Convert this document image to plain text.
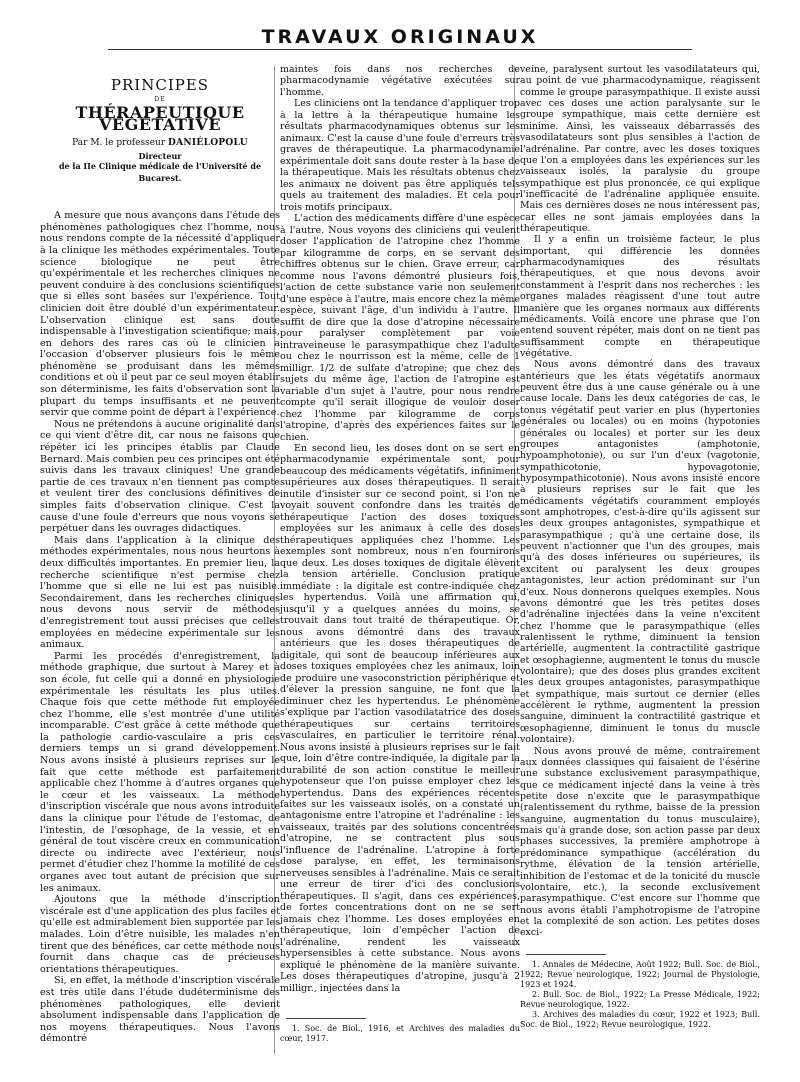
TRAVAUX ORIGINAUX
PRINCIPES
DE
THÉRAPEUTIQUE VÉGÉTATIVE
Par M. le professeur DANIÉLOPOLU
Directeur
de la IIe Clinique médicale de l'Université de Bucarest.

A mesure que nous avançons dans l'étude des phénomènes pathologiques chez l'homme, nous nous rendons compte de la nécessité d'appliquer à la clinique les méthodes expérimentales. Toute science biologique ne peut être qu'expérimentale et les recherches cliniques ne peuvent conduire à des conclusions scientifiques que si elles sont basées sur l'expérience. Tout clinicien doit être doublé d'un expérimentateur. L'observation clinique est sans doute indispensable à l'investigation scientifique; mais, en dehors des rares cas où le clinicien a l'occasion d'observer plusieurs fois le même phénomène se produisant dans les mêmes conditions et où il peut par ce seul moyen établir son déterminisme, les faits d'observation sont la plupart du temps insuffisants et ne peuvent servir que comme point de départ à l'expérience.

Nous ne prétendons à aucune originalité dans ce qui vient d'être dit, car nous ne faisons que répéter ici les principes établis par Claude Bernard. Mais combien peu ces principes ont été suivis dans les travaux cliniques! Une grande partie de ces travaux n'en tiennent pas compte et veulent tirer des conclusions définitives de simples faits d'observation clinique. C'est la cause d'une foule d'erreurs que nous voyons se perpétuer dans les ouvrages didactiques.

Mais dans l'application à la clinique des méthodes expérimentales, nous nous heurtons à deux difficultés importantes. En premier lieu, la recherche scientifique n'est permise chez l'homme que si elle ne lui est pas nuisible. Secondairement, dans les recherches cliniques nous devons nous servir de méthodes d'enregistrement tout aussi précises que celles employées en médecine expérimentale sur les animaux.

Parmi les procédés d'enregistrement, la méthode graphique, due surtout à Marey et à son école, fut celle qui a donné en physiologie expérimentale les résultats les plus utiles. Chaque fois que cette méthode fut employée chez l'homme, elle s'est montrée d'une utilité incomparable. C'est grâce à cette méthode que la pathologie cardio-vasculaire a pris ces derniers temps un si grand développement. Nous avons insisté à plusieurs reprises sur le fait que cette méthode est parfaitement applicable chez l'homme à d'autres organes que le cœur et les vaisseaux. La méthode d'inscription viscérale que nous avons introduite dans la clinique pour l'étude de l'estomac, de l'intestin, de l'œsophage, de la vessie, et en général de tout viscère creux en communication directe ou indirecte avec l'extérieur, nous permet d'étudier chez l'homme la motilité de ces organes avec tout autant de précision que sur les animaux.

Ajoutons que la méthode d'inscription viscérale est d'une application des plus faciles et qu'elle est admirablement bien supportée par les malades. Loin d'être nuisible, les malades n'en tirent que des bénéfices, car cette méthode nous fournit dans chaque cas de précieuses orientations thérapeutiques.

Si, en effet, la méthode d'inscription viscérale est très utile dans l'étude dudéterminisme des phénomènes pathologiques, elle devient absolument indispensable dans l'application de nos moyens thérapeutiques. Nous l'avons démontré

maintes fois dans nos recherches de pharmacodynamie végétative exécutées sur l'homme.

Les cliniciens ont la tendance d'appliquer trop à la lettre à la thérapeutique humaine les résultats pharmacodynamiques obtenus sur les animaux. C'est la cause d'une foule d'erreurs très graves de thérapeutique. La pharmacodynamie expérimentale doit sans doute rester à la base de la thérapeutique. Mais les résultats obtenus chez les animaux ne doivent pas être appliqués tels quels au traitement des maladies. Et cela pour trois motifs principaux.

L'action des médicaments diffère d'une espèce à l'autre. Nous voyons des cliniciens qui veulent doser l'application de l'atropine chez l'homme par kilogramme de corps, en se servant des chiffres obtenus sur le chien. Grave erreur, car comme nous l'avons démontré plusieurs fois, l'action de cette substance varie non seulement d'une espèce à l'autre, mais encore chez la même espèce, suivant l'âge, d'un individu à l'autre. Il suffit de dire que la dose d'atropine nécessaire pour paralyser complètement par voie intraveineuse le parasympathique chez l'adulte ou chez le nourrisson est la même, celle de 1 milligr. 1/2 de sulfate d'atropine; que chez des sujets du même âge, l'action de l'atropine est variable d'un sujet à l'autre, pour nous rendre compte qu'il serait illogique de vouloir doser chez l'homme par kilogramme de corps l'atropine, d'après des expériences faites sur le chien.

En second lieu, les doses dont on se sert en pharmacodynamie expérimentale sont, pour beaucoup des médicaments végétatifs, infiniment supérieures aux doses thérapeutiques. Il serait inutile d'insister sur ce second point, si l'on ne voyait souvent confondre dans les traités de thérapeutique l'action des doses toxiques employées sur les animaux à celle des doses thérapeutiques appliquées chez l'homme. Les exemples sont nombreux, nous n'en fournirons que deux. Les doses toxiques de digitale élèvent la tension artérielle. Conclusion pratique immédiate : la digitale est contre-indiquée chez les hypertendus. Voilà une affirmation qui, jusqu'il y a quelques années du moins, se trouvait dans tout traité de thérapeutique. Or, nous avons démontré dans des travaux antérieurs que les doses thérapeutiques de digitale, qui sont de beaucoup inférieures aux doses toxiques employées chez les animaux, loin de produire une vasoconstriction périphérique et d'élever la pression sanguine, ne font que la diminuer chez les hypertendus. Le phénomène s'explique par l'action vasodilatatrice des doses thérapeutiques sur certains territoires vasculaires, en particulier le territoire rénal. Nous avons insisté à plusieurs reprises sur le fait que, loin d'être contre-indiquée, la digitale par la durabilité de son action constitue le meilleur hypotenseur que l'on puisse employer chez les hypertendus. Dans des expériences récentes faites sur les vaisseaux isolés, on a constaté un antagonisme entre l'atropine et l'adrénaline : les vaisseaux, traités par des solutions concentrées d'atropine, ne se contractent plus sous l'influence de l'adrénaline. L'atropine à forte dose paralyse, en effet, les terminaisons nerveuses sensibles à l'adrénaline. Mais ce serait une erreur de tirer d'ici des conclusions thérapeutiques. Il s'agit, dans ces expériences, de fortes concentrations dont on ne se sert jamais chez l'homme. Les doses employées en thérapeutique, loin d'empêcher l'action de l'adrénaline, rendent les vaisseaux hypersensibles à cette substance. Nous avons expliqué le phénomène de la manière suivante. Les doses thérapeutiques d'atropine, jusqu'à 2 milligr., injectées dans la

1. Soc. de Biol., 1916, et Archives des maladies du cœur, 1917.

veine, paralysent surtout les vasodilatateurs qui, au point de vue pharmacodynamique, réagissent comme le groupe parasympathique. Il existe aussi avec ces doses une action paralysante sur le groupe sympathique, mais cette dernière est minime. Ainsi, les vaisseaux débarrassés des vasodilatateurs sont plus sensibles à l'action de l'adrénaline. Par contre, avec les doses toxiques que l'on a employées dans les expériences sur les vaisseaux isolés, la paralysie du groupe sympathique est plus prononcée, ce qui explique l'inefficacité de l'adrénaline appliquée ensuite. Mais ces dernières doses ne nous intéressent pas, car elles ne sont jamais employées dans la thérapeutique.

Il y a enfin un troisième facteur, le plus important, qui différencie les données pharmacodynamiques des résultats thérapeutiques, et que nous devons avoir constamment à l'esprit dans nos recherches : les organes malades réagissent d'une tout autre manière que les organes normaux aux différents médicaments. Voilà encore une phrase que l'on entend souvent répéter, mais dont on ne tient pas suffisamment compte en thérapeutique végétative.

Nous avons démontré dans des travaux antérieurs que les états végétatifs anormaux peuvent être dus à une cause générale ou à une cause locale. Dans les deux catégories de cas, le tonus végétatif peut varier en plus (hypertonies générales ou locales) ou en moins (hypotonies générales ou locales) et porter sur les deux groupes antagonistes (amphotonie, hypoamphotonie), ou sur l'un d'eux (vagotonie, sympathicotonie, hypovagotonie, hyposympathicotonie). Nous avons insisté encore à plusieurs reprises sur le fait que les médicaments végétatifs couramment employés sont amphotropes, c'est-à-dire qu'ils agissent sur les deux groupes antagonistes, sympathique et parasympathique ; qu'à une certaine dose, ils peuvent n'actionner que l'un des groupes, mais qu'à des doses inférieures ou supérieures, ils excitent ou paralysent les deux groupes antagonistes, leur action prédominant sur l'un d'eux. Nous donnerons quelques exemples. Nous avons démontré que les très petites doses d'adrénaline injectées dans la veine n'excitent chez l'homme que le parasympathique (elles ralentissent le rythme, diminuent la tension artérielle, augmentent la contractilité gastrique et œsophagienne, augmentent le tonus du muscle volontaire); que des doses plus grandes excitent les deux groupes antagonistes, parasympathique et sympathique, mais surtout ce dernier (elles accélèrent le rythme, augmentent la pression sanguine, diminuent la contractilité gastrique et œsophagienne, diminuent le tonus du muscle volontaire).

Nous avons prouvé de même, contrairement aux données classiques qui faisaient de l'ésérine une substance exclusivement parasympathique, que ce médicament injecté dans la veine à très petite dose n'excite que le parasympathique (ralentissement du rythme, baisse de la pression sanguine, augmentation du tonus musculaire), mais qu'à grande dose, son action passe par deux phases successives, la première amphotrope à prédominance sympathique (accélération du rythme, élévation de la tension artérielle, inhibition de l'estomac et de la tonicité du muscle volontaire, etc.), la seconde exclusivement parasympathique. C'est encore sur l'homme que nous avons établi l'amphotropisme de l'atropine et la complexité de son action. Les petites doses exci-

1. Annales de Médecine, Août 1922; Bull. Soc. de Biol., 1922; Revue neurologique, 1922; Journal de Physiologie, 1923 et 1924.

2. Bull. Soc. de Biol., 1922; La Presse Médicale, 1922; Revue neurologique, 1922.

3. Archives des maladies du cœur, 1922 et 1923; Bull. Soc. de Biol., 1922; Revue neurologique, 1922.
